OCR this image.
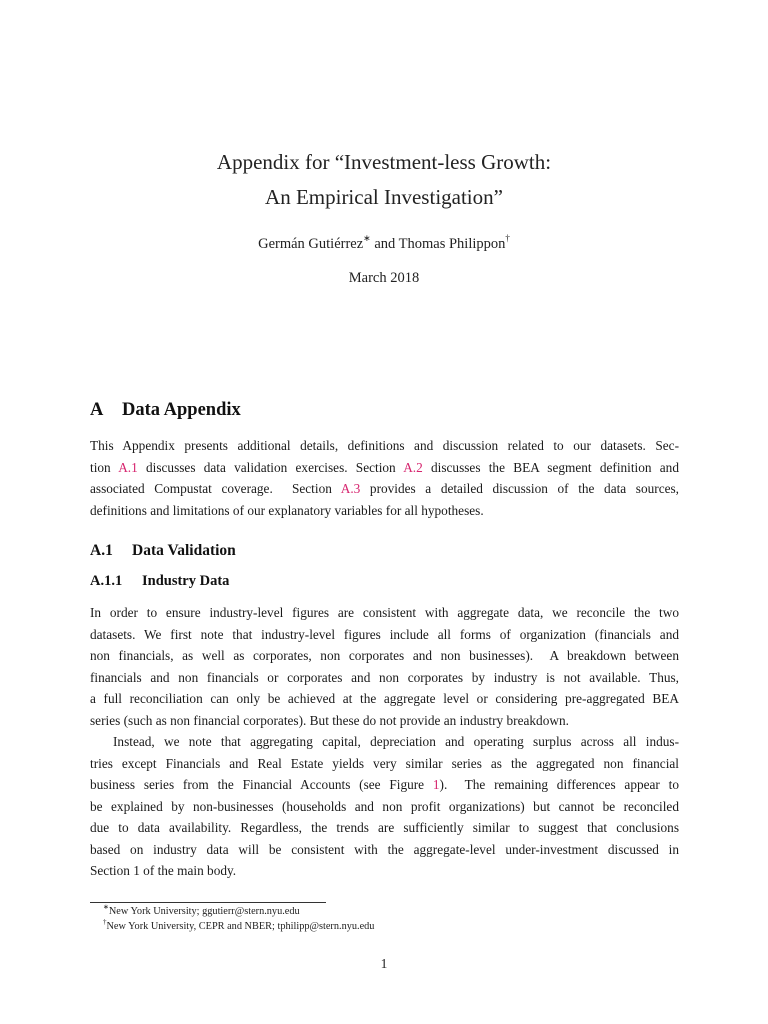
Appendix for “Investment-less Growth:
An Empirical Investigation”
Germán Gutiérrez∗ and Thomas Philippon†
March 2018
A Data Appendix
This Appendix presents additional details, definitions and discussion related to our datasets. Sec-
tion A.1 discusses data validation exercises. Section A.2 discusses the BEA segment definition and
associated Compustat coverage.  Section A.3 provides a detailed discussion of the data sources,
definitions and limitations of our explanatory variables for all hypotheses.
A.1 Data Validation
A.1.1 Industry Data
In order to ensure industry-level figures are consistent with aggregate data, we reconcile the two
datasets. We first note that industry-level figures include all forms of organization (financials and
non financials, as well as corporates, non corporates and non businesses).  A breakdown between
financials and non financials or corporates and non corporates by industry is not available. Thus,
a full reconciliation can only be achieved at the aggregate level or considering pre-aggregated BEA
series (such as non financial corporates). But these do not provide an industry breakdown.
Instead, we note that aggregating capital, depreciation and operating surplus across all indus-
tries except Financials and Real Estate yields very similar series as the aggregated non financial
business series from the Financial Accounts (see Figure 1).  The remaining differences appear to
be explained by non-businesses (households and non profit organizations) but cannot be reconciled
due to data availability. Regardless, the trends are sufficiently similar to suggest that conclusions
based on industry data will be consistent with the aggregate-level under-investment discussed in
Section 1 of the main body.
∗New York University; ggutierr@stern.nyu.edu
†New York University, CEPR and NBER; tphilipp@stern.nyu.edu
1
